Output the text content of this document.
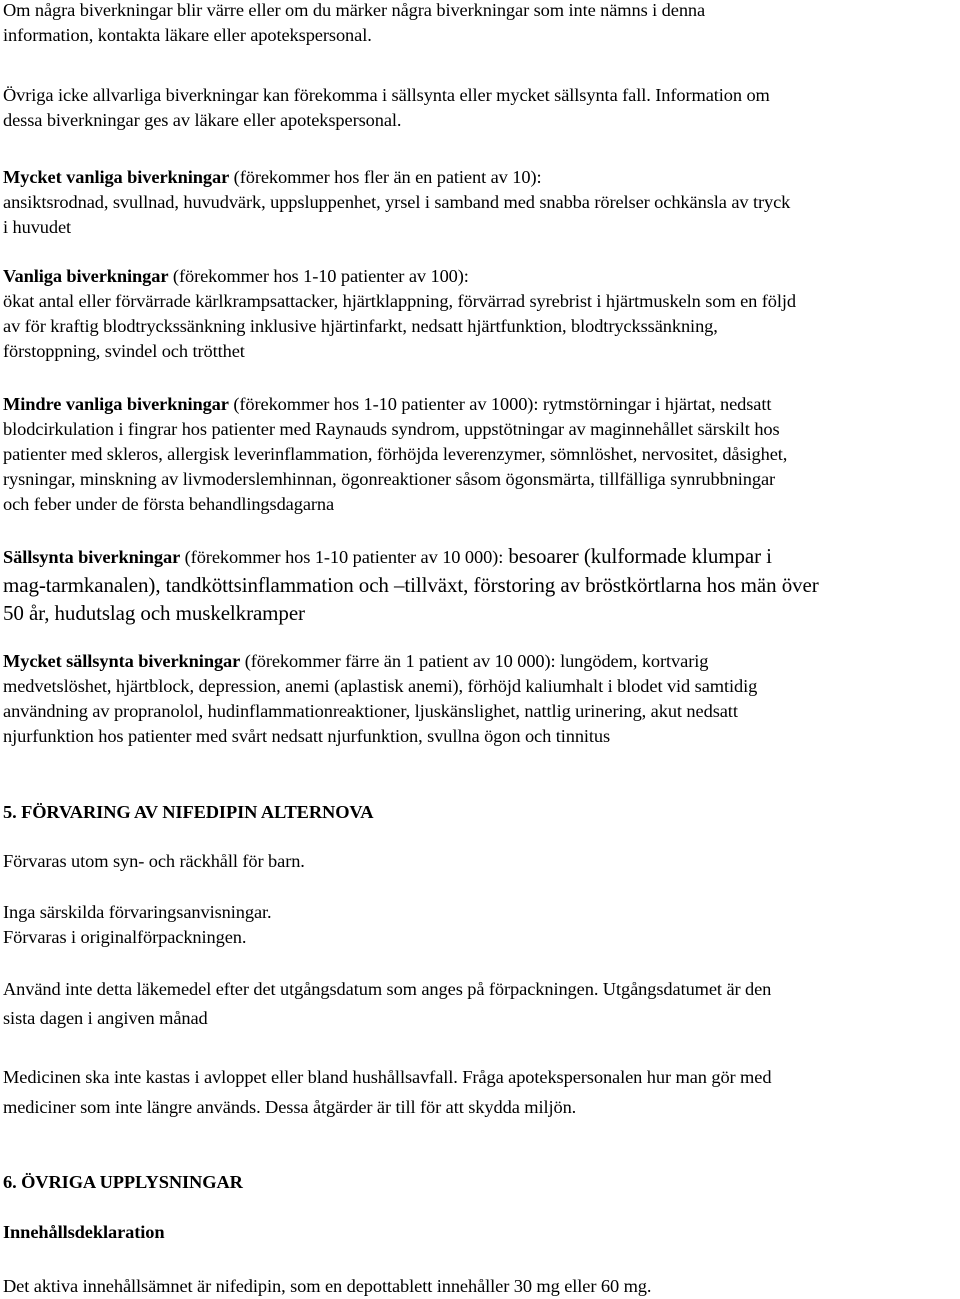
Om några biverkningar blir värre eller om du märker några biverkningar som inte nämns i denna
information, kontakta läkare eller apotekspersonal.
Övriga icke allvarliga biverkningar kan förekomma i sällsynta eller mycket sällsynta fall. Information om
dessa biverkningar ges av läkare eller apotekspersonal.
Mycket vanliga biverkningar (förekommer hos fler än en patient av 10):
ansiktsrodnad, svullnad, huvudvärk, uppsluppenhet, yrsel i samband med snabba rörelser ochkänsla av tryck
i huvudet
Vanliga biverkningar (förekommer hos 1-10 patienter av 100):
ökat antal eller förvärrade kärlkrampsattacker, hjärtklappning, förvärrad syrebrist i hjärtmuskeln som en följd
av för kraftig blodtryckssänkning inklusive hjärtinfarkt, nedsatt hjärtfunktion, blodtryckssänkning,
förstoppning, svindel och trötthet
Mindre vanliga biverkningar (förekommer hos 1-10 patienter av 1000): rytmstörningar i hjärtat, nedsatt
blodcirkulation i fingrar hos patienter med Raynauds syndrom, uppstötningar av maginnehållet särskilt hos
patienter med skleros, allergisk leverinflammation, förhöjda leverenzymer, sömnlöshet, nervositet, dåsighet,
rysningar, minskning av livmoderslemhinnan, ögonreaktioner såsom ögonsmärta, tillfälliga synrubbningar
och feber under de första behandlingsdagarna
Sällsynta biverkningar (förekommer hos 1-10 patienter av 10 000): besoarer (kulformade klumpar i
mag-tarmkanalen), tandköttsinflammation och –tillväxt, förstoring av bröstkörtlarna hos män över
50 år, hudutslag och muskelkramper
Mycket sällsynta biverkningar (förekommer färre än 1 patient av 10 000): lungödem, kortvarig
medvetslöshet, hjärtblock, depression, anemi (aplastisk anemi), förhöjd kaliumhalt i blodet vid samtidig
användning av propranolol, hudinflammationreaktioner, ljuskänslighet, nattlig urinering, akut nedsatt
njurfunktion hos patienter med svårt nedsatt njurfunktion, svullna ögon och tinnitus
5. FÖRVARING AV NIFEDIPIN ALTERNOVA
Förvaras utom syn- och räckhåll för barn.
Inga särskilda förvaringsanvisningar.
Förvaras i originalförpackningen.
Använd inte detta läkemedel efter det utgångsdatum som anges på förpackningen. Utgångsdatumet är den
sista dagen i angiven månad
Medicinen ska inte kastas i avloppet eller bland hushållsavfall. Fråga apotekspersonalen hur man gör med
mediciner som inte längre används. Dessa åtgärder är till för att skydda miljön.
6. ÖVRIGA UPPLYSNINGAR
Innehållsdeklaration
Det aktiva innehållsämnet är nifedipin, som en depottablett innehåller 30 mg eller 60 mg.
